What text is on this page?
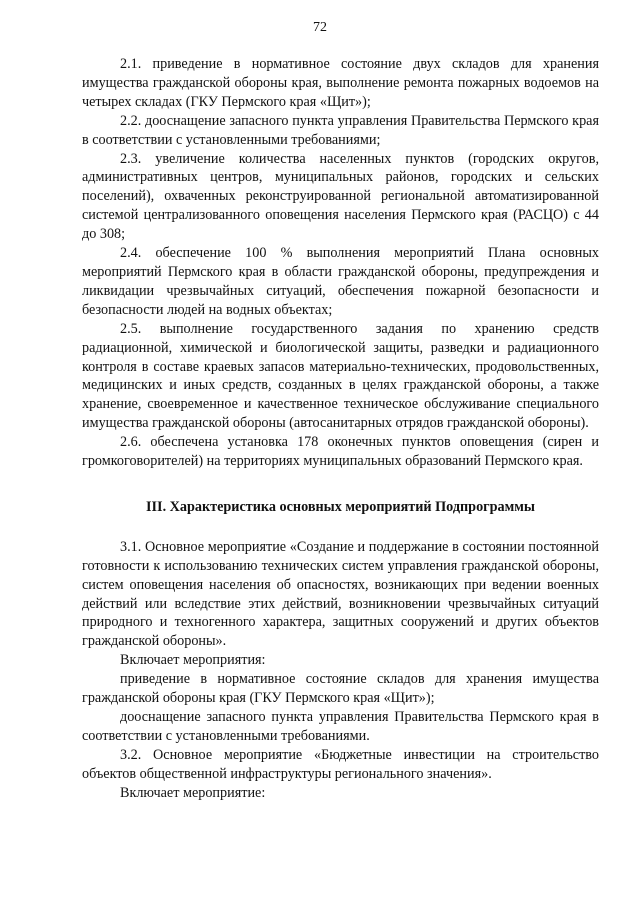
72

2.1. приведение в нормативное состояние двух складов для хранения имущества гражданской обороны края, выполнение ремонта пожарных водоемов на четырех складах (ГКУ Пермского края «Щит»);

2.2. дооснащение запасного пункта управления Правительства Пермского края в соответствии с установленными требованиями;

2.3. увеличение количества населенных пунктов (городских округов, административных центров, муниципальных районов, городских и сельских поселений), охваченных реконструированной региональной автоматизированной системой централизованного оповещения населения Пермского края (РАСЦО) с 44 до 308;

2.4. обеспечение 100 % выполнения мероприятий Плана основных мероприятий Пермского края в области гражданской обороны, предупреждения и ликвидации чрезвычайных ситуаций, обеспечения пожарной безопасности и безопасности людей на водных объектах;

2.5. выполнение государственного задания по хранению средств радиационной, химической и биологической защиты, разведки и радиационного контроля в составе краевых запасов материально-технических, продовольственных, медицинских и иных средств, созданных в целях гражданской обороны, а также хранение, своевременное и качественное техническое обслуживание специального имущества гражданской обороны (автосанитарных отрядов гражданской обороны).

2.6. обеспечена установка 178 оконечных пунктов оповещения (сирен и громкоговорителей) на территориях муниципальных образований Пермского края.

III. Характеристика основных мероприятий Подпрограммы

3.1. Основное мероприятие «Создание и поддержание в состоянии постоянной готовности к использованию технических систем управления гражданской обороны, систем оповещения населения об опасностях, возникающих при ведении военных действий или вследствие этих действий, возникновении чрезвычайных ситуаций природного и техногенного характера, защитных сооружений и других объектов гражданской обороны».

Включает мероприятия:

приведение в нормативное состояние складов для хранения имущества гражданской обороны края (ГКУ Пермского края «Щит»);

дооснащение запасного пункта управления Правительства Пермского края в соответствии с установленными требованиями.

3.2. Основное мероприятие «Бюджетные инвестиции на строительство объектов общественной инфраструктуры регионального значения».

Включает мероприятие:
